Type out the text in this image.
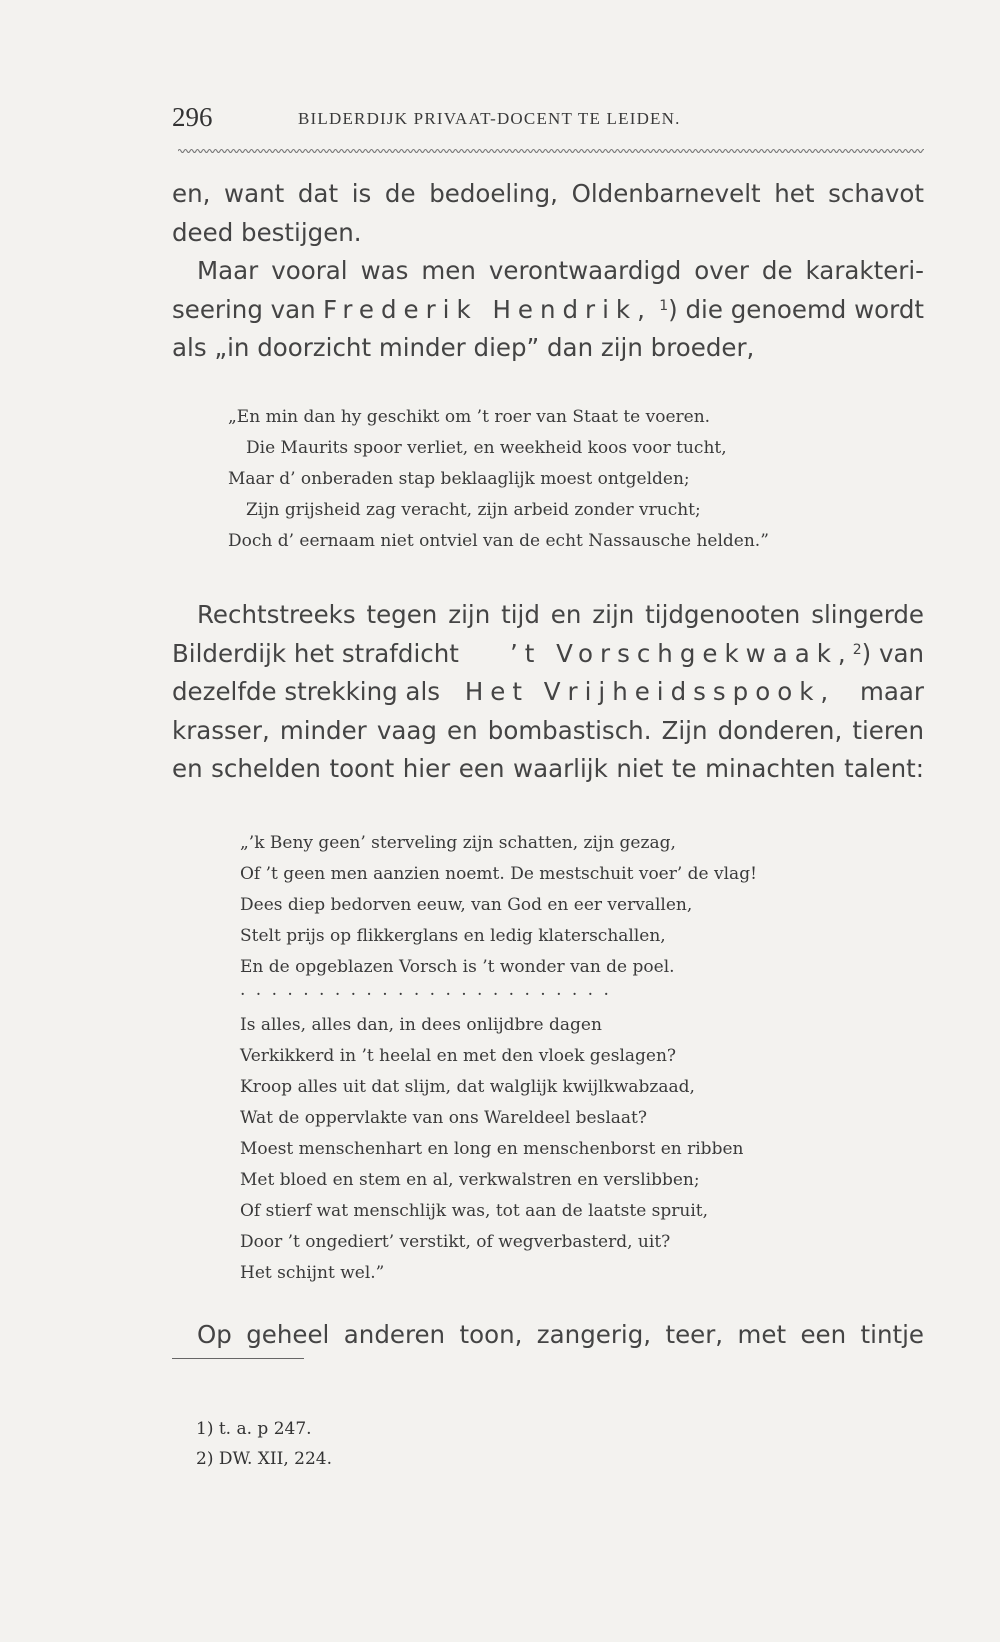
296	BILDERDIJK PRIVAAT-DOCENT TE LEIDEN.
en, want dat is de bedoeling, Oldenbarnevelt het schavot
deed bestijgen.
Maar vooral was men verontwaardigd over de karakteri-
seering van Frederik Hendrik, $^1$) die genoemd wordt
als „in doorzicht minder diep” dan zijn broeder,
„En min dan hy geschikt om ’t roer van Staat te voeren.
Die Maurits spoor verliet, en weekheid koos voor tucht,
Maar d’ onberaden stap beklaaglijk moest ontgelden;
Zijn grijsheid zag veracht, zijn arbeid zonder vrucht;
Doch d’ eernaam niet ontviel van de echt Nassausche helden.”
Rechtstreeks tegen zijn tijd en zijn tijdgenooten slingerde
Bilderdijk het strafdicht ’t Vorschgekwaak,$^2$) van
dezelfde strekking als Het Vrijheidsspook, maar
krasser, minder vaag en bombastisch. Zijn donderen, tieren
en schelden toont hier een waarlijk niet te minachten talent:
„’k Beny geen’ sterveling zijn schatten, zijn gezag,
Of ’t geen men aanzien noemt. De mestschuit voer’ de vlag!
Dees diep bedorven eeuw, van God en eer vervallen,
Stelt prijs op flikkerglans en ledig klaterschallen,
En de opgeblazen Vorsch is ’t wonder van de poel.
........................
Is alles, alles dan, in dees onlijdbre dagen
Verkikkerd in ’t heelal en met den vloek geslagen?
Kroop alles uit dat slijm, dat walglijk kwijlkwabzaad,
Wat de oppervlakte van ons Wareldeel beslaat?
Moest menschenhart en long en menschenborst en ribben
Met bloed en stem en al, verkwalstren en verslibben;
Of stierf wat menschlijk was, tot aan de laatste spruit,
Door ’t ongediert’ verstikt, of wegverbasterd, uit?
Het schijnt wel.”
Op geheel anderen toon, zangerig, teer, met een tintje
1) t. a. p 247.
2) DW. XII, 224.
